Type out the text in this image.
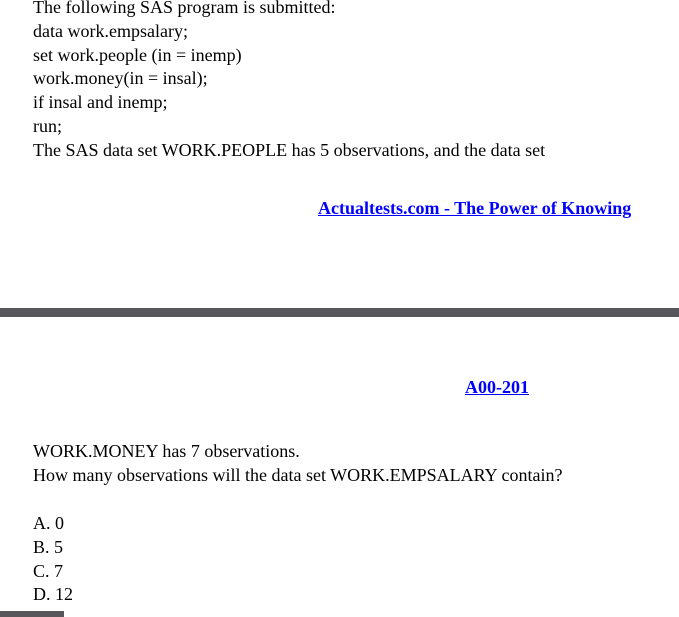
The following SAS program is submitted:

data work.empsalary;

set work.people (in = inemp)

work.money(in = insal);

if insal and inemp;

run;

The SAS data set WORK.PEOPLE has 5 observations, and the data set

Actualtests.com - The Power of Knowing
A00-201

WORK.MONEY has 7 observations.

How many observations will the data set WORK.EMPSALARY contain?

A. 0

B. 5

C. 7

D. 12
